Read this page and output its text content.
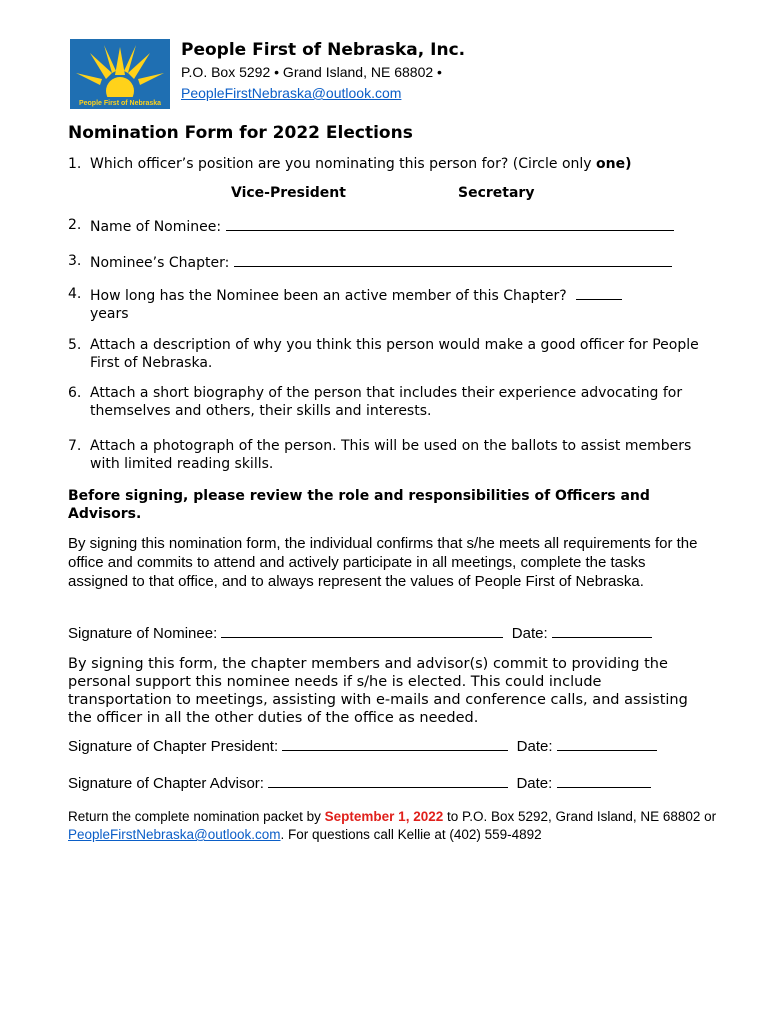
People First of Nebraska
People First of Nebraska, Inc.
P.O. Box 5292 • Grand Island, NE 68802 •
PeopleFirstNebraska@outlook.com
Nomination Form for 2022 Elections
1. Which officer’s position are you nominating this person for? (Circle only one)
Vice-President	Secretary
2. Name of Nominee:
3. Nominee’s Chapter:
4. How long has the Nominee been an active member of this Chapter?
years
5. Attach a description of why you think this person would make a good officer for People First of Nebraska.
6. Attach a short biography of the person that includes their experience advocating for themselves and others, their skills and interests.
7. Attach a photograph of the person. This will be used on the ballots to assist members with limited reading skills.
Before signing, please review the role and responsibilities of Officers and Advisors.
By signing this nomination form, the individual confirms that s/he meets all requirements for the office and commits to attend and actively participate in all meetings, complete the tasks assigned to that office, and to always represent the values of People First of Nebraska.
Signature of Nominee:	Date:
By signing this form, the chapter members and advisor(s) commit to providing the personal support this nominee needs if s/he is elected. This could include transportation to meetings, assisting with e-mails and conference calls, and assisting the officer in all the other duties of the office as needed.
Signature of Chapter President:	Date:
Signature of Chapter Advisor:	Date:
Return the complete nomination packet by September 1, 2022 to P.O. Box 5292, Grand Island, NE 68802 or PeopleFirstNebraska@outlook.com. For questions call Kellie at (402) 559-4892
